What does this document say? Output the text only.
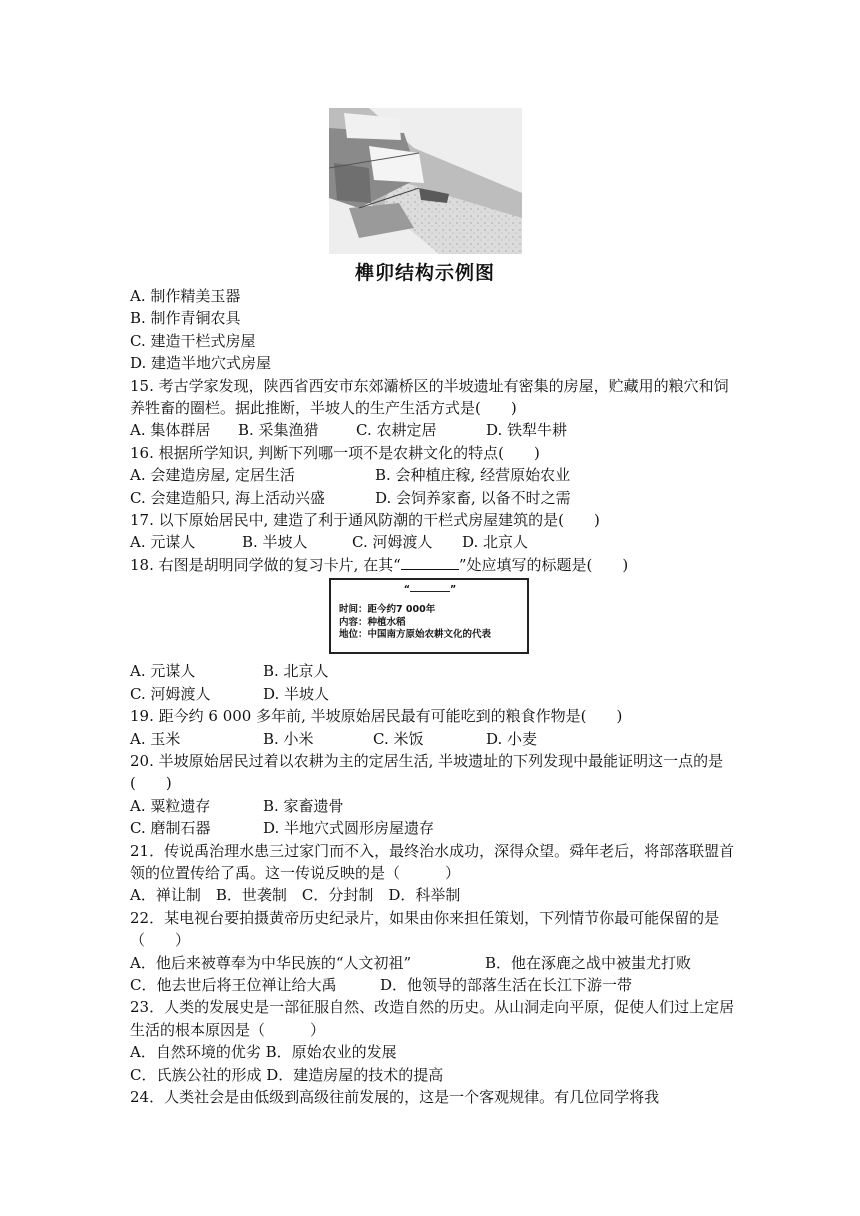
榫卯结构示例图
A. 制作精美玉器
B. 制作青铜农具
C. 建造干栏式房屋
D. 建造半地穴式房屋
15. 考古学家发现，陕西省西安市东郊灞桥区的半坡遗址有密集的房屋，贮藏用的粮穴和饲养牲畜的圈栏。据此推断，半坡人的生产生活方式是(　　)
A. 集体群居 B. 采集渔猎 C. 农耕定居	D. 铁犁牛耕
16. 根据所学知识, 判断下列哪一项不是农耕文化的特点(　　)
A. 会建造房屋, 定居生活	B. 会种植庄稼, 经营原始农业
C. 会建造船只, 海上活动兴盛	D. 会饲养家畜, 以备不时之需
17. 以下原始居民中, 建造了利于通风防潮的干栏式房屋建筑的是(　　)
A. 元谋人	B. 半坡人	C. 河姆渡人 D. 北京人
18. 右图是胡明同学做的复习卡片, 在其“	”处应填写的标题是(　　)
“	”
时间：距今约7 000年
内容：种植水稻
地位：中国南方原始农耕文化的代表
A. 元谋人	B. 北京人
C. 河姆渡人	D. 半坡人
19. 距今约 6 000 多年前, 半坡原始居民最有可能吃到的粮食作物是(　　)
A. 玉米	B. 小米	C. 米饭	D. 小麦
20. 半坡原始居民过着以农耕为主的定居生活, 半坡遗址的下列发现中最能证明这一点的是(　　)
A. 粟粒遗存	B. 家畜遗骨
C. 磨制石器	D. 半地穴式圆形房屋遗存
21．传说禹治理水患三过家门而不入，最终治水成功，深得众望。舜年老后，将部落联盟首领的位置传给了禹。这一传说反映的是（　　　）
A．禅让制　B．世袭制　C．分封制　D．科举制
22．某电视台要拍摄黄帝历史纪录片，如果由你来担任策划，下列情节你最可能保留的是（　　）
A．他后来被尊奉为中华民族的“人文初祖”	B．他在涿鹿之战中被蚩尤打败
C．他去世后将王位禅让给大禹	D．他领导的部落生活在长江下游一带
23．人类的发展史是一部征服自然、改造自然的历史。从山洞走向平原，促使人们过上定居生活的根本原因是（　　　）
A．自然环境的优劣 B．原始农业的发展
C．氏族公社的形成 D．建造房屋的技术的提高
24．人类社会是由低级到高级往前发展的，这是一个客观规律。有几位同学将我
